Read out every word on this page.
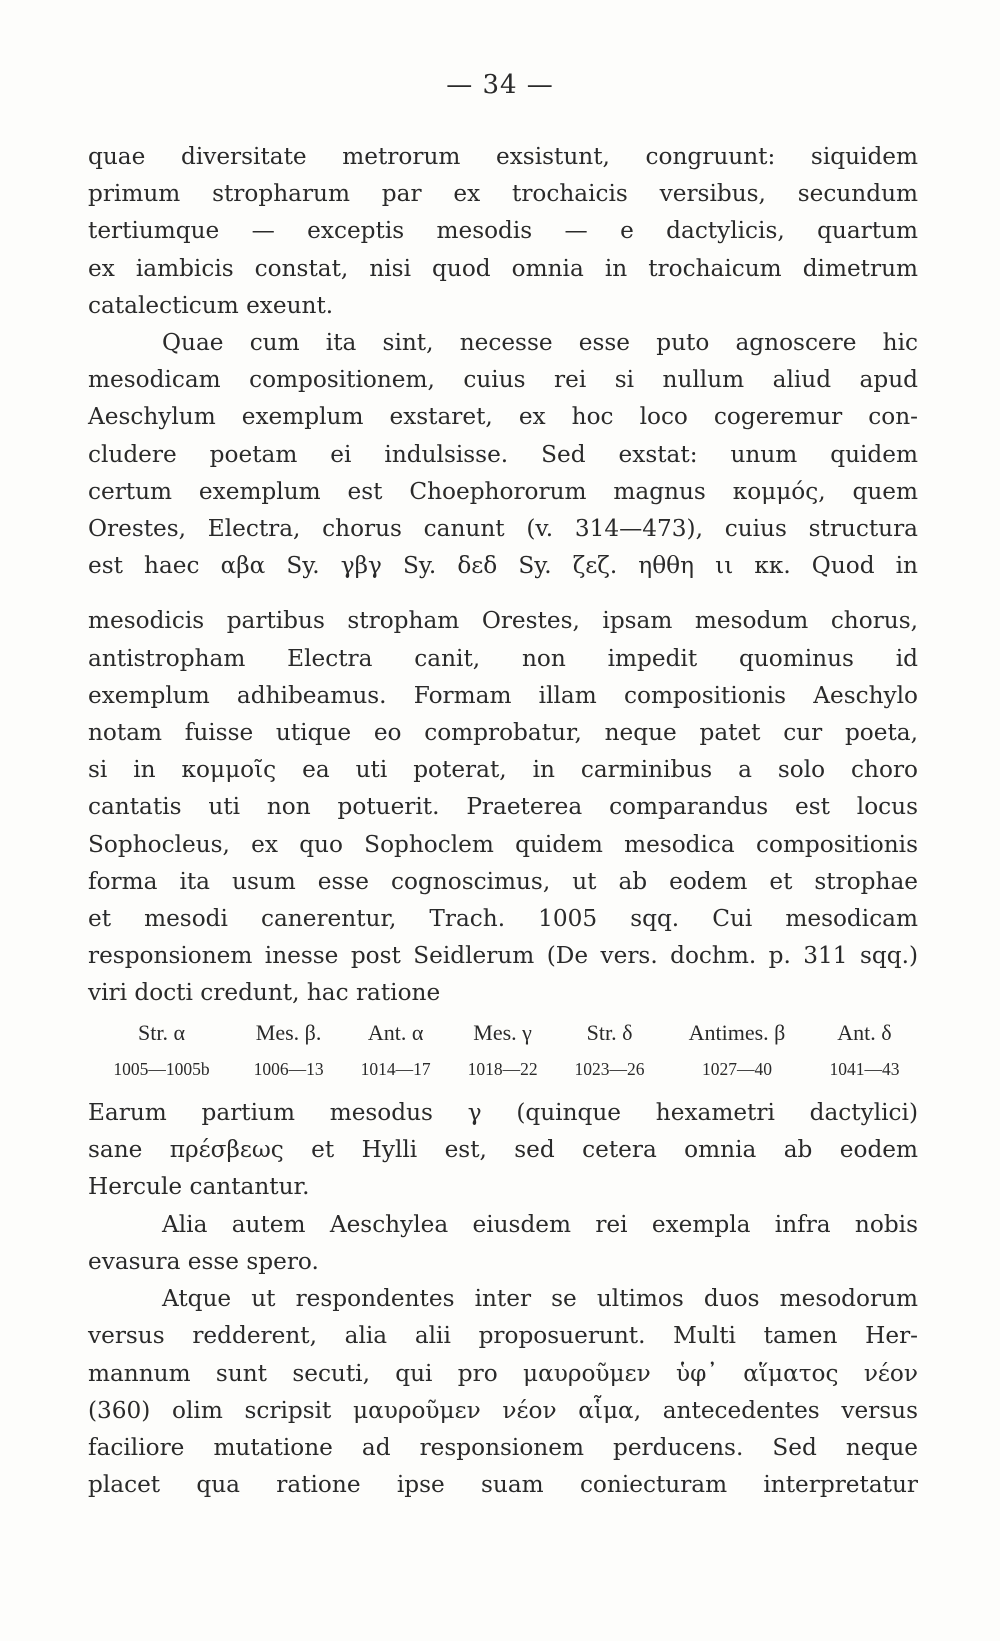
— 34 —
quae diversitate metrorum exsistunt, congruunt: siquidem
primum stropharum par ex trochaicis versibus, secundum
tertiumque — exceptis mesodis — e dactylicis, quartum
ex iambicis constat, nisi quod omnia in trochaicum dimetrum
catalecticum exeunt.
Quae cum ita sint, necesse esse puto agnoscere hic
mesodicam compositionem, cuius rei si nullum aliud apud
Aeschylum exemplum exstaret, ex hoc loco cogeremur con-
cludere poetam ei indulsisse. Sed exstat: unum quidem
certum exemplum est Choephororum magnus κομμός, quem
Orestes, Electra, chorus canunt (v. 314—473), cuius structura
est haec αβα Sy. γβγ Sy. δεδ Sy. ζεζ. ηθθη ιι κκ. Quod in
mesodicis partibus stropham Orestes, ipsam mesodum chorus,
antistropham Electra canit, non impedit quominus id
exemplum adhibeamus. Formam illam compositionis Aeschylo
notam fuisse utique eo comprobatur, neque patet cur poeta,
si in κομμοῖς ea uti poterat, in carminibus a solo choro
cantatis uti non potuerit. Praeterea comparandus est locus
Sophocleus, ex quo Sophoclem quidem mesodica compositionis
forma ita usum esse cognoscimus, ut ab eodem et strophae
et mesodi canerentur, Trach. 1005 sqq. Cui mesodicam
responsionem inesse post Seidlerum (De vers. dochm. p. 311 sqq.)
viri docti credunt, hac ratione
Str. α	Mes. β.	Ant. α	Mes. γ	Str. δ	Antimes. β	Ant. δ
1005—1005b	1006—13	1014—17	1018—22	1023—26	1027—40	1041—43
Earum partium mesodus γ (quinque hexametri dactylici)
sane πρέσβεως et Hylli est, sed cetera omnia ab eodem
Hercule cantantur.
Alia autem Aeschylea eiusdem rei exempla infra nobis
evasura esse spero.
Atque ut respondentes inter se ultimos duos mesodorum
versus redderent, alia alii proposuerunt. Multi tamen Her-
mannum sunt secuti, qui pro μαυροῦμεν ὑφ᾽ αἵματος νέον
(360) olim scripsit μαυροῦμεν νέον αἷμα, antecedentes versus
faciliore mutatione ad responsionem perducens. Sed neque
placet qua ratione ipse suam coniecturam interpretatur
